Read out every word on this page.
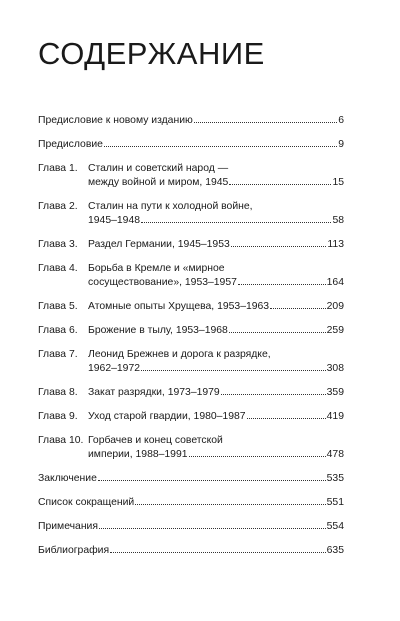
СОДЕРЖАНИЕ
Предисловие к новому изданию	6
Предисловие	9
Глава 1. Сталин и советский народ —
между войной и миром, 1945	15
Глава 2. Сталин на пути к холодной войне,
1945–1948	58
Глава 3. Раздел Германии, 1945–1953	113
Глава 4. Борьба в Кремле и «мирное
сосуществование», 1953–1957	164
Глава 5. Атомные опыты Хрущева, 1953–1963	209
Глава 6. Брожение в тылу, 1953–1968	259
Глава 7. Леонид Брежнев и дорога к разрядке,
1962–1972	308
Глава 8. Закат разрядки, 1973–1979	359
Глава 9. Уход старой гвардии, 1980–1987	419
Глава 10. Горбачев и конец советской
империи, 1988–1991	478
Заключение	535
Список сокращений	551
Примечания	554
Библиография	635
